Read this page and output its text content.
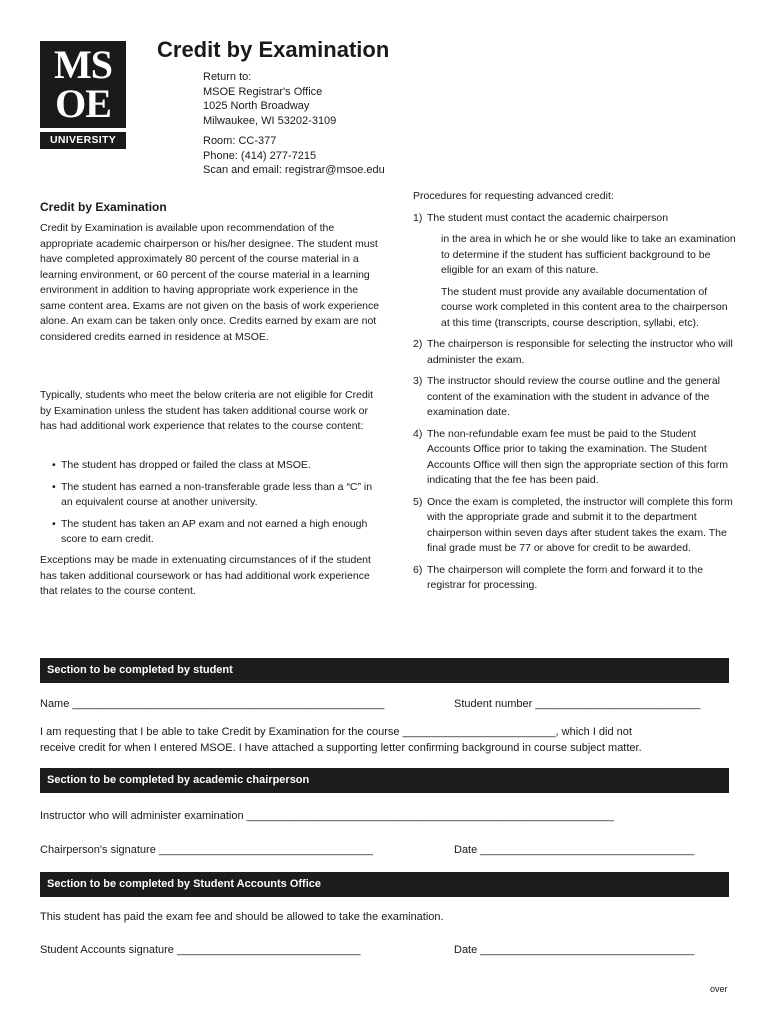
MS
OE
UNIVERSITY
Credit by Examination
Return to:
MSOE Registrar's Office
1025 North Broadway
Milwaukee, WI 53202-3109
Room: CC-377
Phone: (414) 277-7215
Scan and email: registrar@msoe.edu
Credit by Examination

Credit by Examination is available upon recommendation of the appropriate academic chairperson or his/her designee. The student must have completed approximately 80 percent of the course material in a learning environment, or 60 percent of the course material in a learning environment in addition to having appropriate work experience in the same content area. Exams are not given on the basis of work experience alone. An exam can be taken only once. Credits earned by exam are not considered credits earned in residence at MSOE.

Typically, students who meet the below criteria are not eligible for Credit by Examination unless the student has taken additional course work or has had additional work experience that relates to the course content:

• The student has dropped or failed the class at MSOE.
• The student has earned a non-transferable grade less than a “C” in an equivalent course at another university.
• The student has taken an AP exam and not earned a high enough score to earn credit.

Exceptions may be made in extenuating circumstances of if the student has taken additional coursework or has had additional work experience that relates to the course content.

Procedures for requesting advanced credit:
1) The student must contact the academic chairperson
in the area in which he or she would like to take an examination to determine if the student has sufficient background to be eligible for an exam of this nature.
The student must provide any available documentation of course work completed in this content area to the chairperson at this time (transcripts, course description, syllabi, etc).
2) The chairperson is responsible for selecting the instructor who will administer the exam.
3) The instructor should review the course outline and the general content of the examination with the student in advance of the examination date.
4) The non-refundable exam fee must be paid to the Student Accounts Office prior to taking the examination. The Student Accounts Office will then sign the appropriate section of this form indicating that the fee has been paid.
5) Once the exam is completed, the instructor will complete this form with the appropriate grade and submit it to the department chairperson within seven days after student takes the exam. The final grade must be 77 or above for credit to be awarded.
6) The chairperson will complete the form and forward it to the registrar for processing.
Section to be completed by student
Name ___________________________________________________	Student number ___________________________
I am requesting that I be able to take Credit by Examination for the course _________________________, which I did not
receive credit for when I entered MSOE. I have attached a supporting letter confirming background in course subject matter.
Section to be completed by academic chairperson
Instructor who will administer examination ____________________________________________________________
Chairperson's signature ___________________________________	Date ___________________________________
Section to be completed by Student Accounts Office
This student has paid the exam fee and should be allowed to take the examination.
Student Accounts signature ______________________________	Date ___________________________________
over
